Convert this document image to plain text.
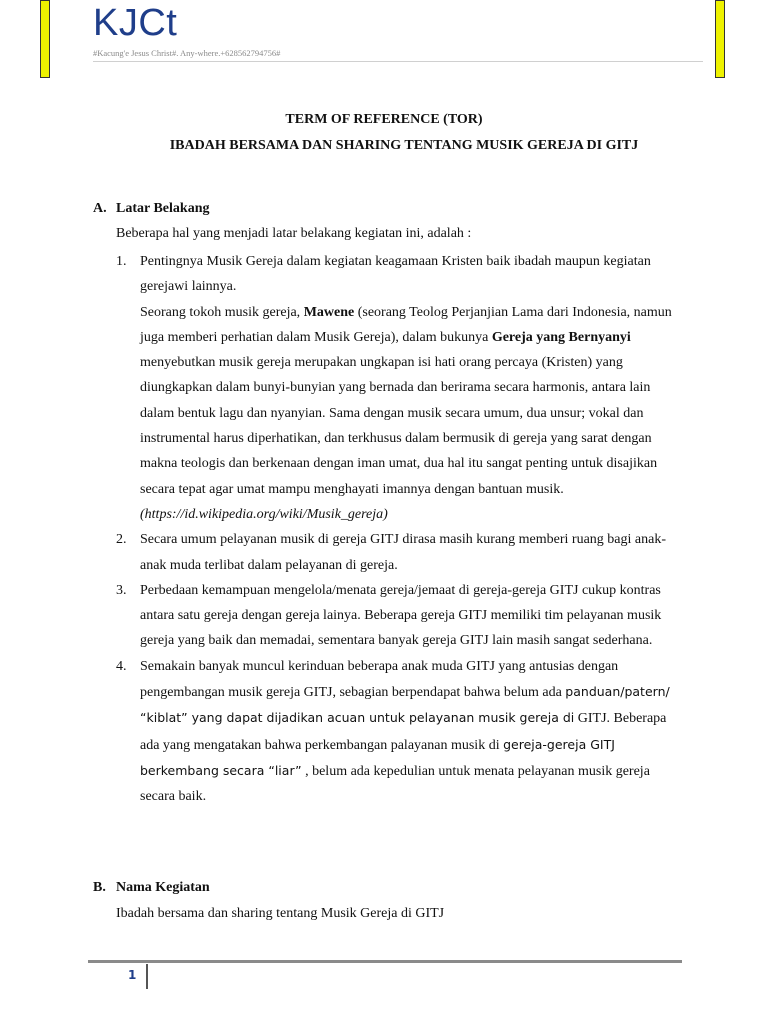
KJCt
#Kacung'e Jesus Christ#. Any-where.+628562794756#
TERM OF REFERENCE (TOR)
IBADAH BERSAMA DAN SHARING TENTANG MUSIK GEREJA DI GITJ
A. Latar Belakang
Beberapa hal yang menjadi latar belakang kegiatan ini, adalah :
1. Pentingnya Musik Gereja dalam kegiatan keagamaan Kristen baik ibadah maupun kegiatan gerejawi lainnya.

Seorang tokoh musik gereja, Mawene (seorang Teolog Perjanjian Lama dari Indonesia, namun juga memberi perhatian dalam Musik Gereja), dalam bukunya Gereja yang Bernyanyi menyebutkan musik gereja merupakan ungkapan isi hati orang percaya (Kristen) yang diungkapkan dalam bunyi-bunyian yang bernada dan berirama secara harmonis, antara lain dalam bentuk lagu dan nyanyian. Sama dengan musik secara umum, dua unsur; vokal dan instrumental harus diperhatikan, dan terkhusus dalam bermusik di gereja yang sarat dengan makna teologis dan berkenaan dengan iman umat, dua hal itu sangat penting untuk disajikan secara tepat agar umat mampu menghayati imannya dengan bantuan musik.

(https://id.wikipedia.org/wiki/Musik_gereja)

2. Secara umum pelayanan musik di gereja GITJ dirasa masih kurang memberi ruang bagi anak-anak muda terlibat dalam pelayanan di gereja.

3. Perbedaan kemampuan mengelola/menata gereja/jemaat di gereja-gereja GITJ cukup kontras antara satu gereja dengan gereja lainya. Beberapa gereja GITJ memiliki tim pelayanan musik gereja yang baik dan memadai, sementara banyak gereja GITJ lain masih sangat sederhana.

4. Semakain banyak muncul kerinduan beberapa anak muda GITJ yang antusias dengan pengembangan musik gereja GITJ, sebagian berpendapat bahwa belum ada panduan/patern/ “kiblat” yang dapat dijadikan acuan untuk pelayanan musik gereja di GITJ. Beberapa ada yang mengatakan bahwa perkembangan palayanan musik di gereja-gereja GITJ berkembang secara “liar” , belum ada kepedulian untuk menata pelayanan musik gereja secara baik.

B. Nama Kegiatan
Ibadah bersama dan sharing tentang Musik Gereja di GITJ
1
